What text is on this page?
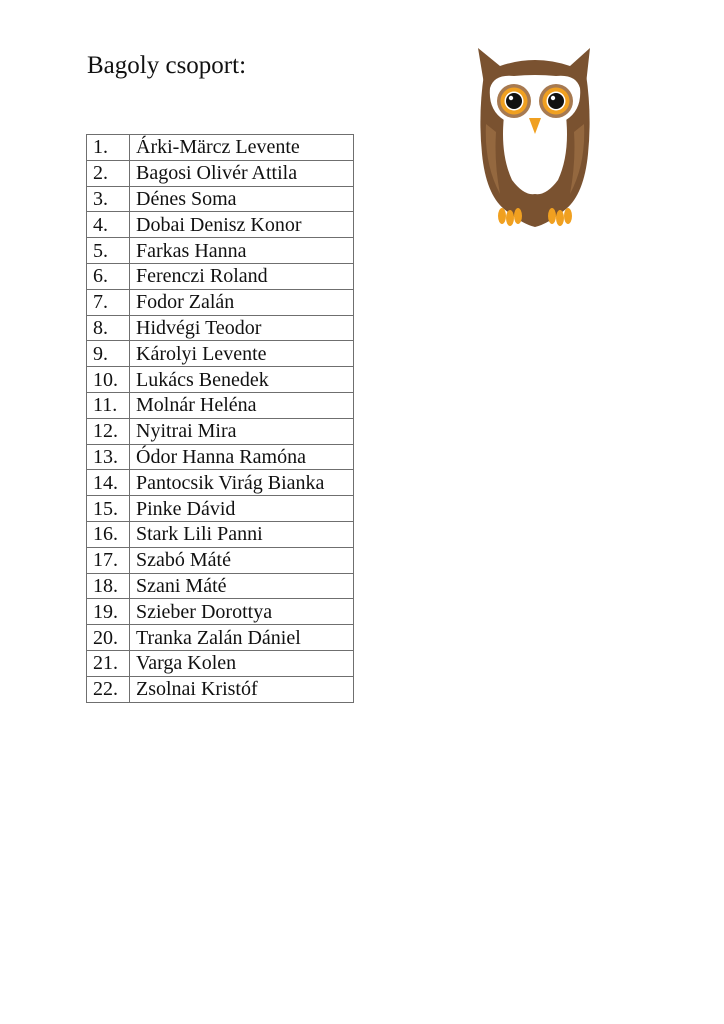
Bagoly csoport:
1.	Árki-Märcz Levente
2.	Bagosi Olivér Attila
3.	Dénes Soma
4.	Dobai Denisz Konor
5.	Farkas Hanna
6.	Ferenczi Roland
7.	Fodor Zalán
8.	Hidvégi Teodor
9.	Károlyi Levente
10.	Lukács Benedek
11.	Molnár Heléna
12.	Nyitrai Mira
13.	Ódor Hanna Ramóna
14.	Pantocsik Virág Bianka
15.	Pinke Dávid
16.	Stark Lili Panni
17.	Szabó Máté
18.	Szani Máté
19.	Szieber Dorottya
20.	Tranka Zalán Dániel
21.	Varga Kolen
22.	Zsolnai Kristóf
